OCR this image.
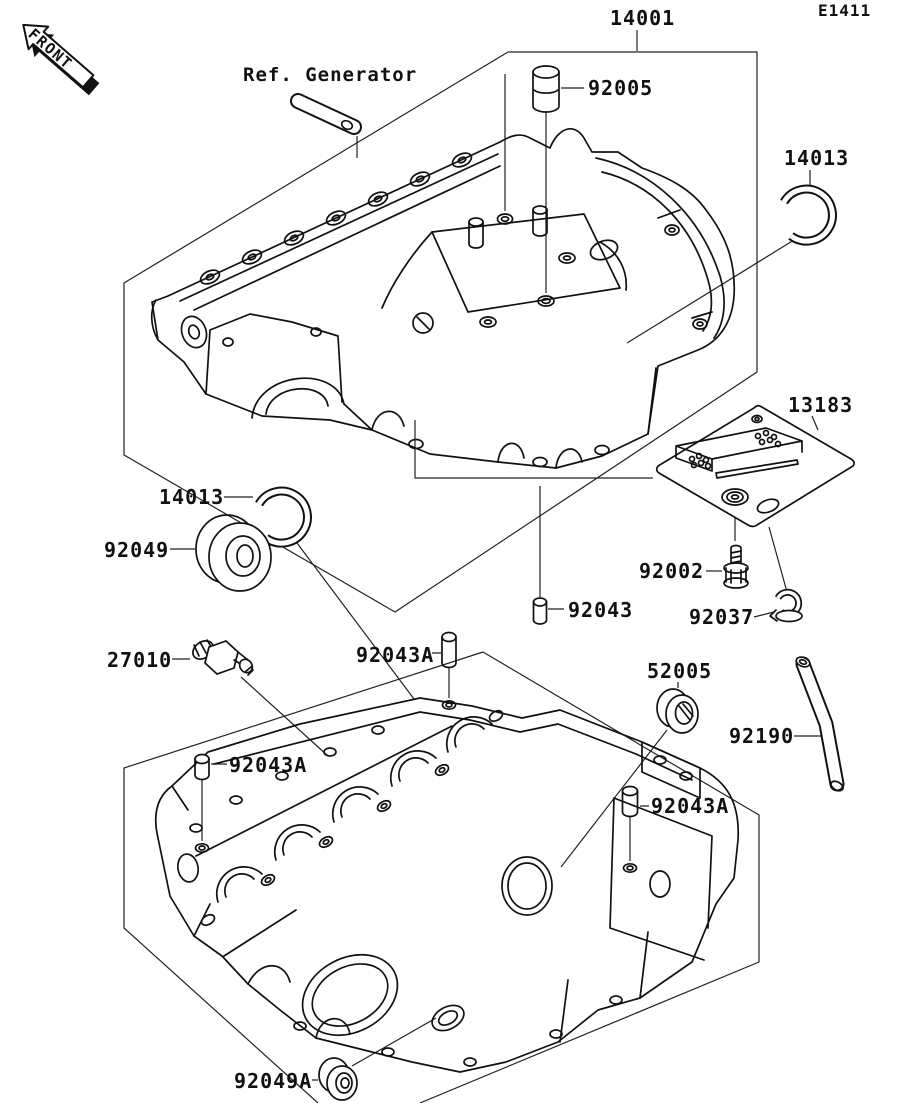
FRONT
E1411
14001
92005
14013
Ref. Generator
13183
92002
92037
14013
92049
27010
92043
92043A
52005
92190
92043A
92043A
92049A
